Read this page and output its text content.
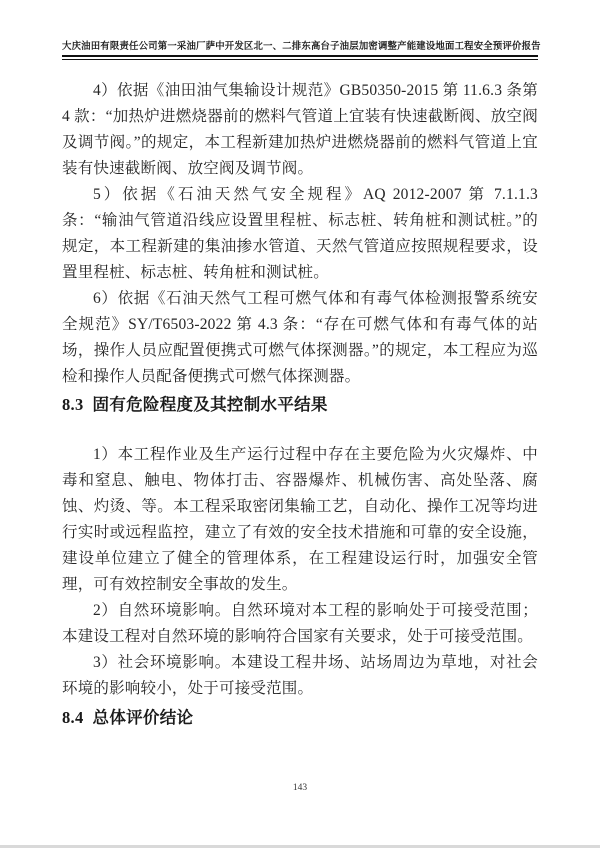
大庆油田有限责任公司第一采油厂萨中开发区北一、二排东高台子油层加密调整产能建设地面工程安全预评价报告

4）依据《油田油气集输设计规范》GB50350-2015 第 11.6.3 条第 4 款：“加热炉进燃烧器前的燃料气管道上宜装有快速截断阀、放空阀及调节阀。”的规定，本工程新建加热炉进燃烧器前的燃料气管道上宜装有快速截断阀、放空阀及调节阀。

5）依据《石油天然气安全规程》AQ 2012-2007 第 7.1.1.3 条：“输油气管道沿线应设置里程桩、标志桩、转角桩和测试桩。”的规定，本工程新建的集油掺水管道、天然气管道应按照规程要求，设置里程桩、标志桩、转角桩和测试桩。

6）依据《石油天然气工程可燃气体和有毒气体检测报警系统安全规范》SY/T6503-2022 第 4.3 条：“存在可燃气体和有毒气体的站场，操作人员应配置便携式可燃气体探测器。”的规定，本工程应为巡检和操作人员配备便携式可燃气体探测器。

8.3 固有危险程度及其控制水平结果

1）本工程作业及生产运行过程中存在主要危险为火灾爆炸、中毒和窒息、触电、物体打击、容器爆炸、机械伤害、高处坠落、腐蚀、灼烫、等。本工程采取密闭集输工艺，自动化、操作工况等均进行实时或远程监控，建立了有效的安全技术措施和可靠的安全设施，建设单位建立了健全的管理体系，在工程建设运行时，加强安全管理，可有效控制安全事故的发生。

2）自然环境影响。自然环境对本工程的影响处于可接受范围；本建设工程对自然环境的影响符合国家有关要求，处于可接受范围。

3）社会环境影响。本建设工程井场、站场周边为草地，对社会环境的影响较小，处于可接受范围。

8.4 总体评价结论
143
